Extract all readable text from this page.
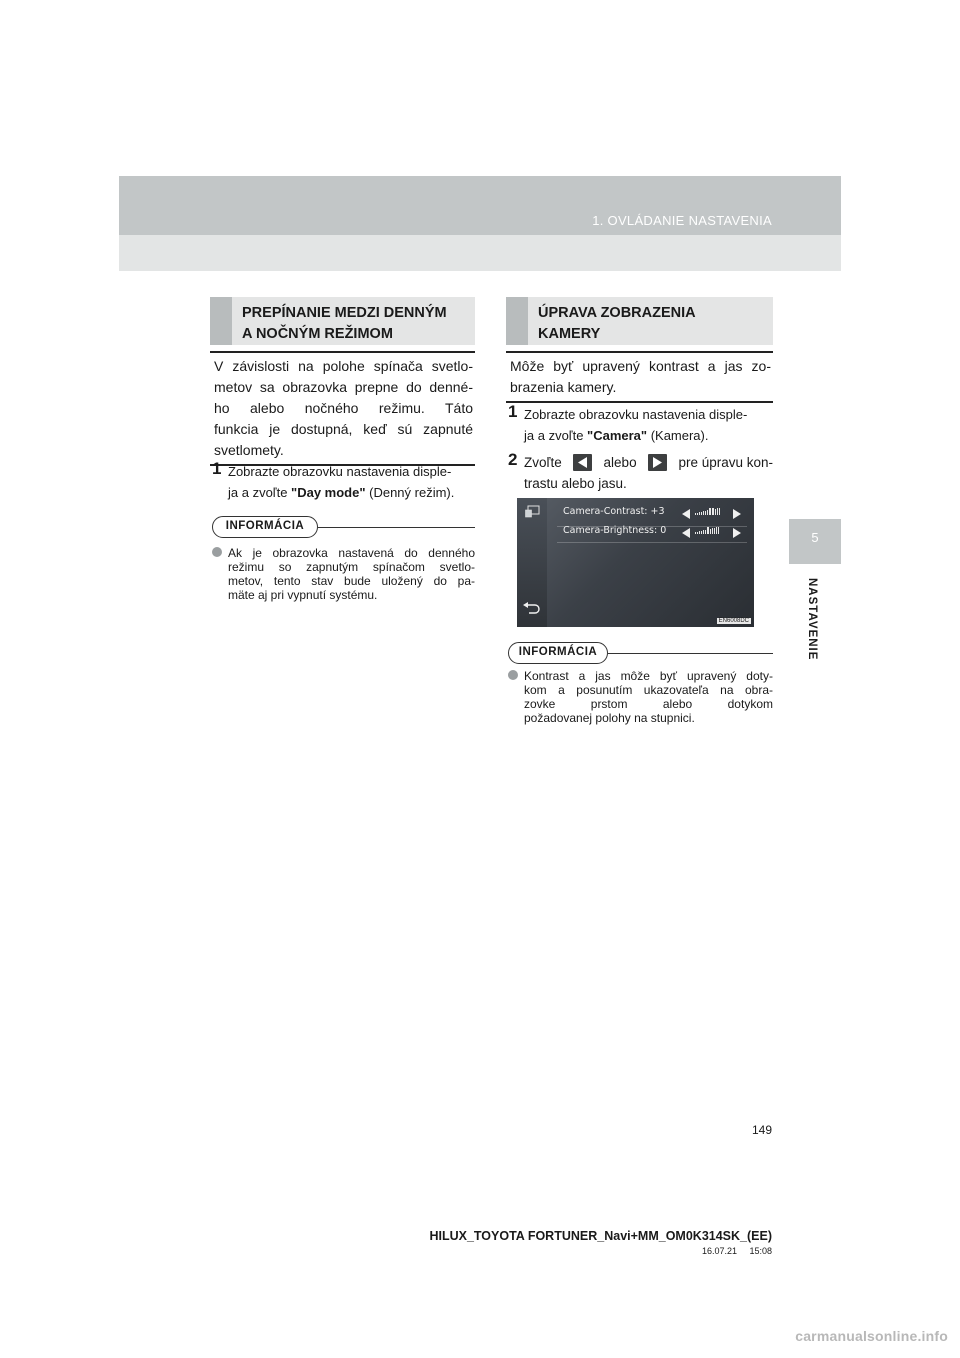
1. OVLÁDANIE NASTAVENIA
5
NASTAVENIE
PREPÍNANIE MEDZI DENNÝM
A NOČNÝM REŽIMOM
V závislosti na polohe spínača svetlo-
metov sa obrazovka prepne do denné-
ho alebo nočného režimu. Táto
funkcia je dostupná, keď sú zapnuté
svetlomety.
1 Zobrazte obrazovku nastavenia disple-
ja a zvoľte "Day mode" (Denný režim).
INFORMÁCIA
Ak je obrazovka nastavená do denného
režimu so zapnutým spínačom svetlo-
metov, tento stav bude uložený do pa-
mäte aj pri vypnutí systému.
ÚPRAVA ZOBRAZENIA
KAMERY
Môže byť upravený kontrast a jas zo-
brazenia kamery.
1 Zobrazte obrazovku nastavenia disple-
ja a zvoľte "Camera" (Kamera).
2 Zvoľte	alebo	pre úpravu kon-
trastu alebo jasu.
Camera-Contrast: +3
Camera-Brightness: 0
EN6008DC
INFORMÁCIA
Kontrast a jas môže byť upravený doty-
kom a posunutím ukazovateľa na obra-
zovke prstom alebo dotykom
požadovanej polohy na stupnici.
149
HILUX_TOYOTA FORTUNER_Navi+MM_OM0K314SK_(EE)
16.07.21     15:08
carmanualsonline.info
